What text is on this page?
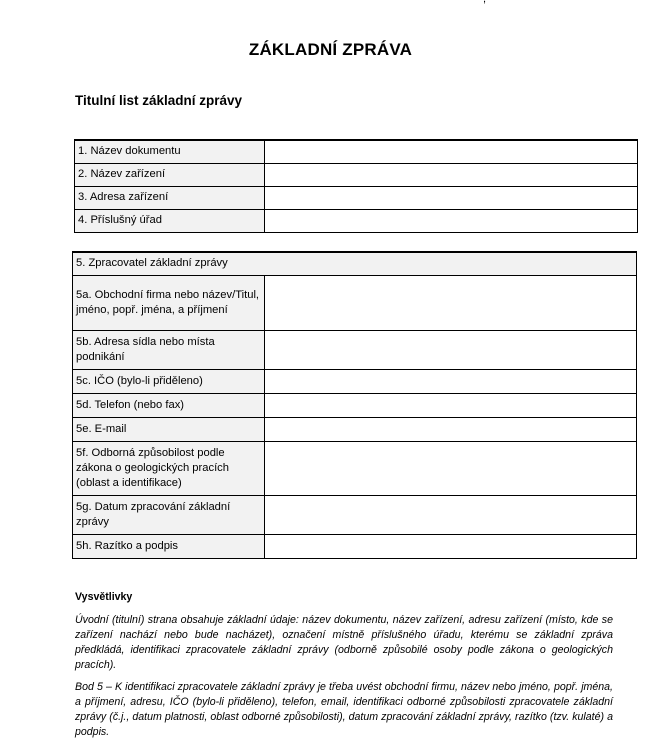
ZÁKLADNÍ ZPRÁVA
Titulní list základní zprávy
1. Název dokumentu	
2. Název zařízení	
3. Adresa zařízení	
4. Příslušný úřad	
5. Zpracovatel základní zprávy	
5a. Obchodní firma nebo název/Titul, jméno, popř. jména, a příjmení	
5b. Adresa sídla nebo místa podnikání	
5c. IČO (bylo-li přiděleno)	
5d. Telefon (nebo fax)	
5e. E-mail	
5f. Odborná způsobilost podle zákona o geologických pracích (oblast a identifikace)	
5g. Datum zpracování základní zprávy	
5h. Razítko a podpis	
Vysvětlivky

Úvodní (titulní) strana obsahuje základní údaje: název dokumentu, název zařízení, adresu zařízení (místo, kde se zařízení nachází nebo bude nacházet), označení místně příslušného úřadu, kterému se základní zpráva předkládá, identifikaci zpracovatele základní zprávy (odborně způsobilé osoby podle zákona o geologických pracích).

Bod 5 – K identifikaci zpracovatele základní zprávy je třeba uvést obchodní firmu, název nebo jméno, popř. jména, a příjmení, adresu, IČO (bylo-li přiděleno), telefon, email, identifikaci odborné způsobilosti zpracovatele základní zprávy (č.j., datum platnosti, oblast odborné způsobilosti), datum zpracování základní zprávy, razítko (tzv. kulaté) a podpis.
